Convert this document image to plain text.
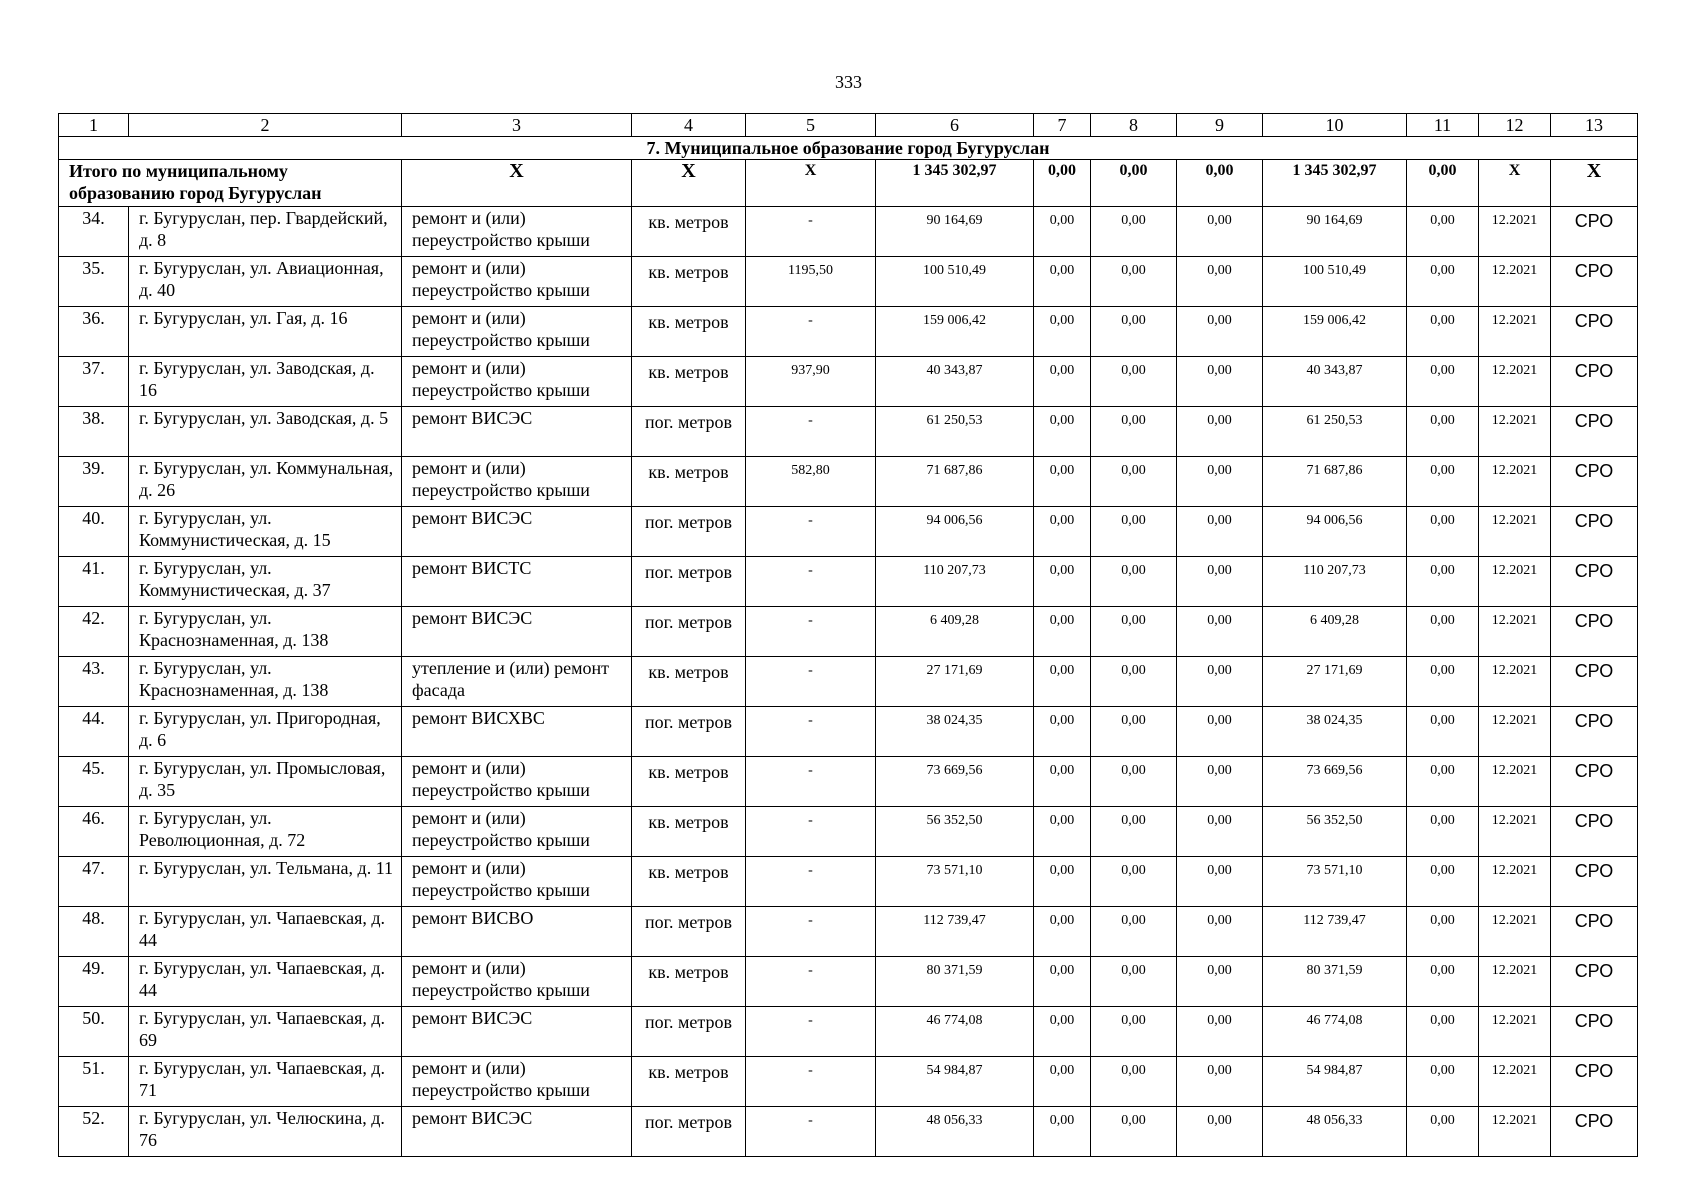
333
1	2	3	4	5	6	7	8	9	10	11	12	13
7. Муниципальное образование город Бугуруслан												
Итого по муниципальному образованию город Бугуруслан		Х	Х	Х	1 345 302,97	0,00	0,00	0,00	1 345 302,97	0,00	Х	Х
34.	г. Бугуруслан, пер. Гвардейский, д. 8	ремонт и (или) переустройство крыши	кв. метров	-	90 164,69	0,00	0,00	0,00	90 164,69	0,00	12.2021	СРО
35.	г. Бугуруслан, ул. Авиационная, д. 40	ремонт и (или) переустройство крыши	кв. метров	1195,50	100 510,49	0,00	0,00	0,00	100 510,49	0,00	12.2021	СРО
36.	г. Бугуруслан, ул. Гая, д. 16	ремонт и (или) переустройство крыши	кв. метров	-	159 006,42	0,00	0,00	0,00	159 006,42	0,00	12.2021	СРО
37.	г. Бугуруслан, ул. Заводская, д. 16	ремонт и (или) переустройство крыши	кв. метров	937,90	40 343,87	0,00	0,00	0,00	40 343,87	0,00	12.2021	СРО
38.	г. Бугуруслан, ул. Заводская, д. 5	ремонт ВИСЭС	пог. метров	-	61 250,53	0,00	0,00	0,00	61 250,53	0,00	12.2021	СРО
39.	г. Бугуруслан, ул. Коммунальная, д. 26	ремонт и (или) переустройство крыши	кв. метров	582,80	71 687,86	0,00	0,00	0,00	71 687,86	0,00	12.2021	СРО
40.	г. Бугуруслан, ул. Коммунистическая, д. 15	ремонт ВИСЭС	пог. метров	-	94 006,56	0,00	0,00	0,00	94 006,56	0,00	12.2021	СРО
41.	г. Бугуруслан, ул. Коммунистическая, д. 37	ремонт ВИСТС	пог. метров	-	110 207,73	0,00	0,00	0,00	110 207,73	0,00	12.2021	СРО
42.	г. Бугуруслан, ул. Краснознаменная, д. 138	ремонт ВИСЭС	пог. метров	-	6 409,28	0,00	0,00	0,00	6 409,28	0,00	12.2021	СРО
43.	г. Бугуруслан, ул. Краснознаменная, д. 138	утепление и (или) ремонт фасада	кв. метров	-	27 171,69	0,00	0,00	0,00	27 171,69	0,00	12.2021	СРО
44.	г. Бугуруслан, ул. Пригородная, д. 6	ремонт ВИСХВС	пог. метров	-	38 024,35	0,00	0,00	0,00	38 024,35	0,00	12.2021	СРО
45.	г. Бугуруслан, ул. Промысловая, д. 35	ремонт и (или) переустройство крыши	кв. метров	-	73 669,56	0,00	0,00	0,00	73 669,56	0,00	12.2021	СРО
46.	г. Бугуруслан, ул. Революционная, д. 72	ремонт и (или) переустройство крыши	кв. метров	-	56 352,50	0,00	0,00	0,00	56 352,50	0,00	12.2021	СРО
47.	г. Бугуруслан, ул. Тельмана, д. 11	ремонт и (или) переустройство крыши	кв. метров	-	73 571,10	0,00	0,00	0,00	73 571,10	0,00	12.2021	СРО
48.	г. Бугуруслан, ул. Чапаевская, д. 44	ремонт ВИСВО	пог. метров	-	112 739,47	0,00	0,00	0,00	112 739,47	0,00	12.2021	СРО
49.	г. Бугуруслан, ул. Чапаевская, д. 44	ремонт и (или) переустройство крыши	кв. метров	-	80 371,59	0,00	0,00	0,00	80 371,59	0,00	12.2021	СРО
50.	г. Бугуруслан, ул. Чапаевская, д. 69	ремонт ВИСЭС	пог. метров	-	46 774,08	0,00	0,00	0,00	46 774,08	0,00	12.2021	СРО
51.	г. Бугуруслан, ул. Чапаевская, д. 71	ремонт и (или) переустройство крыши	кв. метров	-	54 984,87	0,00	0,00	0,00	54 984,87	0,00	12.2021	СРО
52.	г. Бугуруслан, ул. Челюскина, д. 76	ремонт ВИСЭС	пог. метров	-	48 056,33	0,00	0,00	0,00	48 056,33	0,00	12.2021	СРО
